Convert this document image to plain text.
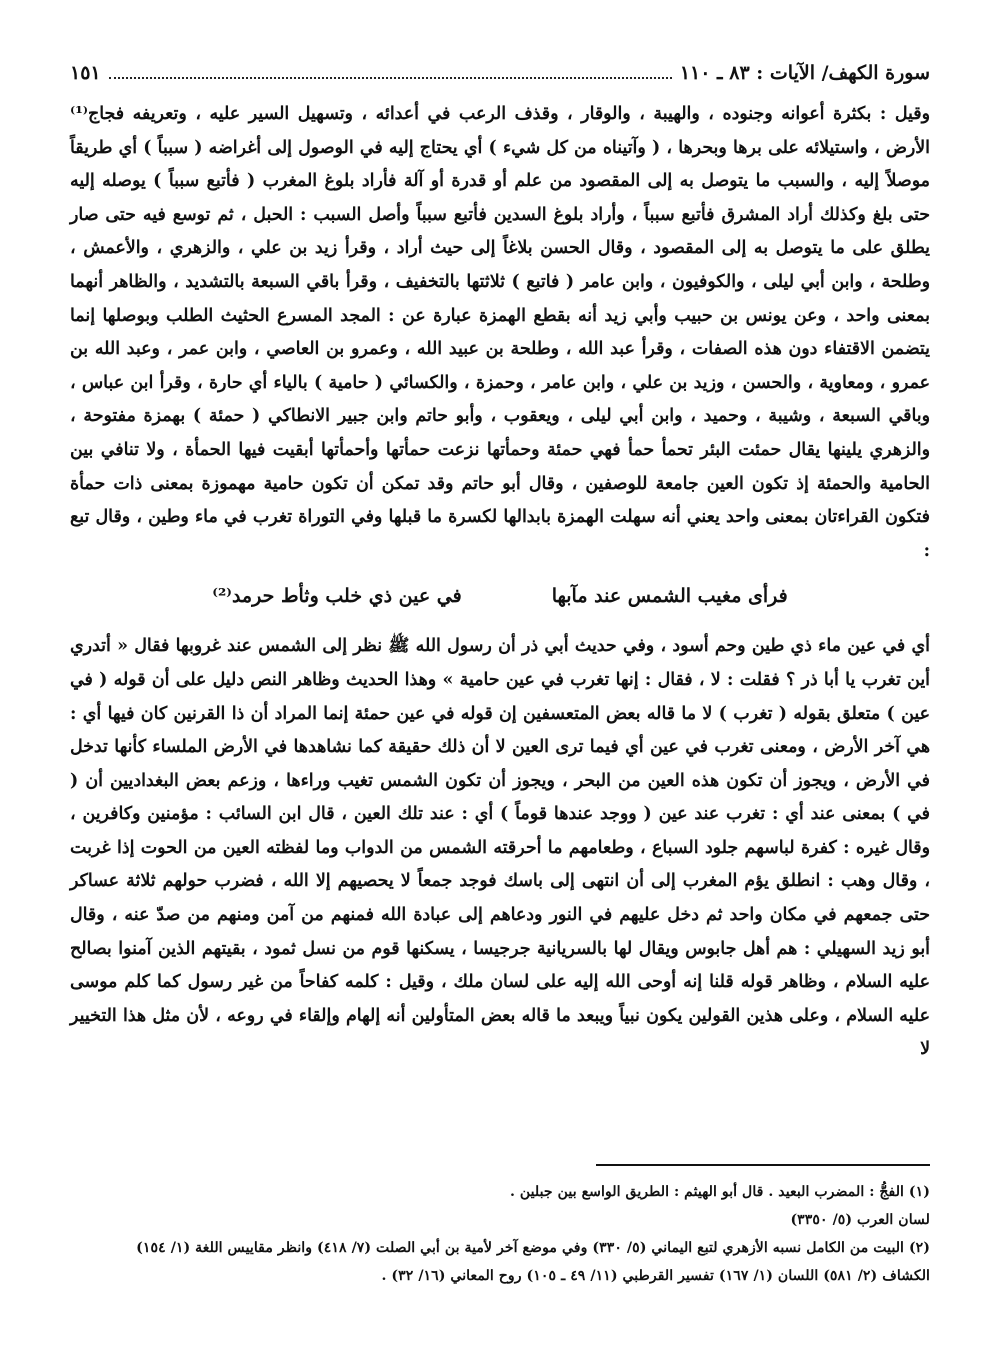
سورة الكهف/ الآيات : ٨٣ ـ ١١٠
١٥١

وقيل : بكثرة أعوانه وجنوده ، والهيبة ، والوقار ، وقذف الرعب في أعدائه ، وتسهيل السير عليه ، وتعريفه فجاج⁽¹⁾ الأرض ، واستيلائه على برها وبحرها ، ( وآتيناه من كل شيء ) أي يحتاج إليه في الوصول إلى أغراضه ( سبباً ) أي طريقاً موصلاً إليه ، والسبب ما يتوصل به إلى المقصود من علم أو قدرة أو آلة فأراد بلوغ المغرب ( فأتبع سبباً ) يوصله إليه حتى بلغ وكذلك أراد المشرق فأتبع سبباً ، وأراد بلوغ السدين فأتبع سبباً وأصل السبب : الحبل ، ثم توسع فيه حتى صار يطلق على ما يتوصل به إلى المقصود ، وقال الحسن بلاغاً إلى حيث أراد ، وقرأ زيد بن علي ، والزهري ، والأعمش ، وطلحة ، وابن أبي ليلى ، والكوفيون ، وابن عامر ( فاتبع ) ثلاثتها بالتخفيف ، وقرأ باقي السبعة بالتشديد ، والظاهر أنهما بمعنى واحد ، وعن يونس بن حبيب وأبي زيد أنه بقطع الهمزة عبارة عن : المجد المسرع الحثيث الطلب وبوصلها إنما يتضمن الاقتفاء دون هذه الصفات ، وقرأ عبد الله ، وطلحة بن عبيد الله ، وعمرو بن العاصي ، وابن عمر ، وعبد الله بن عمرو ، ومعاوية ، والحسن ، وزيد بن علي ، وابن عامر ، وحمزة ، والكسائي ( حامية ) بالياء أي حارة ، وقرأ ابن عباس ، وباقي السبعة ، وشيبة ، وحميد ، وابن أبي ليلى ، ويعقوب ، وأبو حاتم وابن جبير الانطاكي ( حمئة ) بهمزة مفتوحة ، والزهري يلينها يقال حمئت البئر تحمأ حمأ فهي حمئة وحمأتها نزعت حمأتها وأحمأتها أبقيت فيها الحمأة ، ولا تنافي بين الحامية والحمئة إذ تكون العين جامعة للوصفين ، وقال أبو حاتم وقد تمكن أن تكون حامية مهموزة بمعنى ذات حمأة فتكون القراءتان بمعنى واحد يعني أنه سهلت الهمزة بابدالها لكسرة ما قبلها وفي التوراة تغرب في ماء وطين ، وقال تبع :

فرأى مغيب الشمس عند مآبها
في عين ذي خلب وثأط حرمد⁽²⁾

أي في عين ماء ذي طين وحم أسود ، وفي حديث أبي ذر أن رسول الله ﷺ نظر إلى الشمس عند غروبها فقال « أتدري أين تغرب يا أبا ذر ؟ فقلت : لا ، فقال : إنها تغرب في عين حامية » وهذا الحديث وظاهر النص دليل على أن قوله ( في عين ) متعلق بقوله ( تغرب ) لا ما قاله بعض المتعسفين إن قوله في عين حمئة إنما المراد أن ذا القرنين كان فيها أي : هي آخر الأرض ، ومعنى تغرب في عين أي فيما ترى العين لا أن ذلك حقيقة كما نشاهدها في الأرض الملساء كأنها تدخل في الأرض ، ويجوز أن تكون هذه العين من البحر ، ويجوز أن تكون الشمس تغيب وراءها ، وزعم بعض البغداديين أن ( في ) بمعنى عند أي : تغرب عند عين ( ووجد عندها قوماً ) أي : عند تلك العين ، قال ابن السائب : مؤمنين وكافرين ، وقال غيره : كفرة لباسهم جلود السباع ، وطعامهم ما أحرقته الشمس من الدواب وما لفظته العين من الحوت إذا غربت ، وقال وهب : انطلق يؤم المغرب إلى أن انتهى إلى باسك فوجد جمعاً لا يحصيهم إلا الله ، فضرب حولهم ثلاثة عساكر حتى جمعهم في مكان واحد ثم دخل عليهم في النور ودعاهم إلى عبادة الله فمنهم من آمن ومنهم من صدّ عنه ، وقال أبو زيد السهيلي : هم أهل جابوس ويقال لها بالسريانية جرجيسا ، يسكنها قوم من نسل ثمود ، بقيتهم الذين آمنوا بصالح عليه السلام ، وظاهر قوله قلنا إنه أوحى الله إليه على لسان ملك ، وقيل : كلمه كفاحاً من غير رسول كما كلم موسى عليه السلام ، وعلى هذين القولين يكون نبياً ويبعد ما قاله بعض المتأولين أنه إلهام وإلقاء في روعه ، لأن مثل هذا التخيير لا

(١) الفجُّ : المضرب البعيد . قال أبو الهيثم : الطريق الواسع بين جبلين .

لسان العرب (٥/ ٣٣٥٠)

(٢) البيت من الكامل نسبه الأزهري لتبع اليماني (٥/ ٣٣٠) وفي موضع آخر لأمية بن أبي الصلت (٧/ ٤١٨) وانظر مقاييس اللغة (١/ ١٥٤)

الكشاف (٢/ ٥٨١) اللسان (١/ ١٦٧) تفسير القرطبي (١١/ ٤٩ ـ ١٠٥) روح المعاني (١٦/ ٣٢) .
